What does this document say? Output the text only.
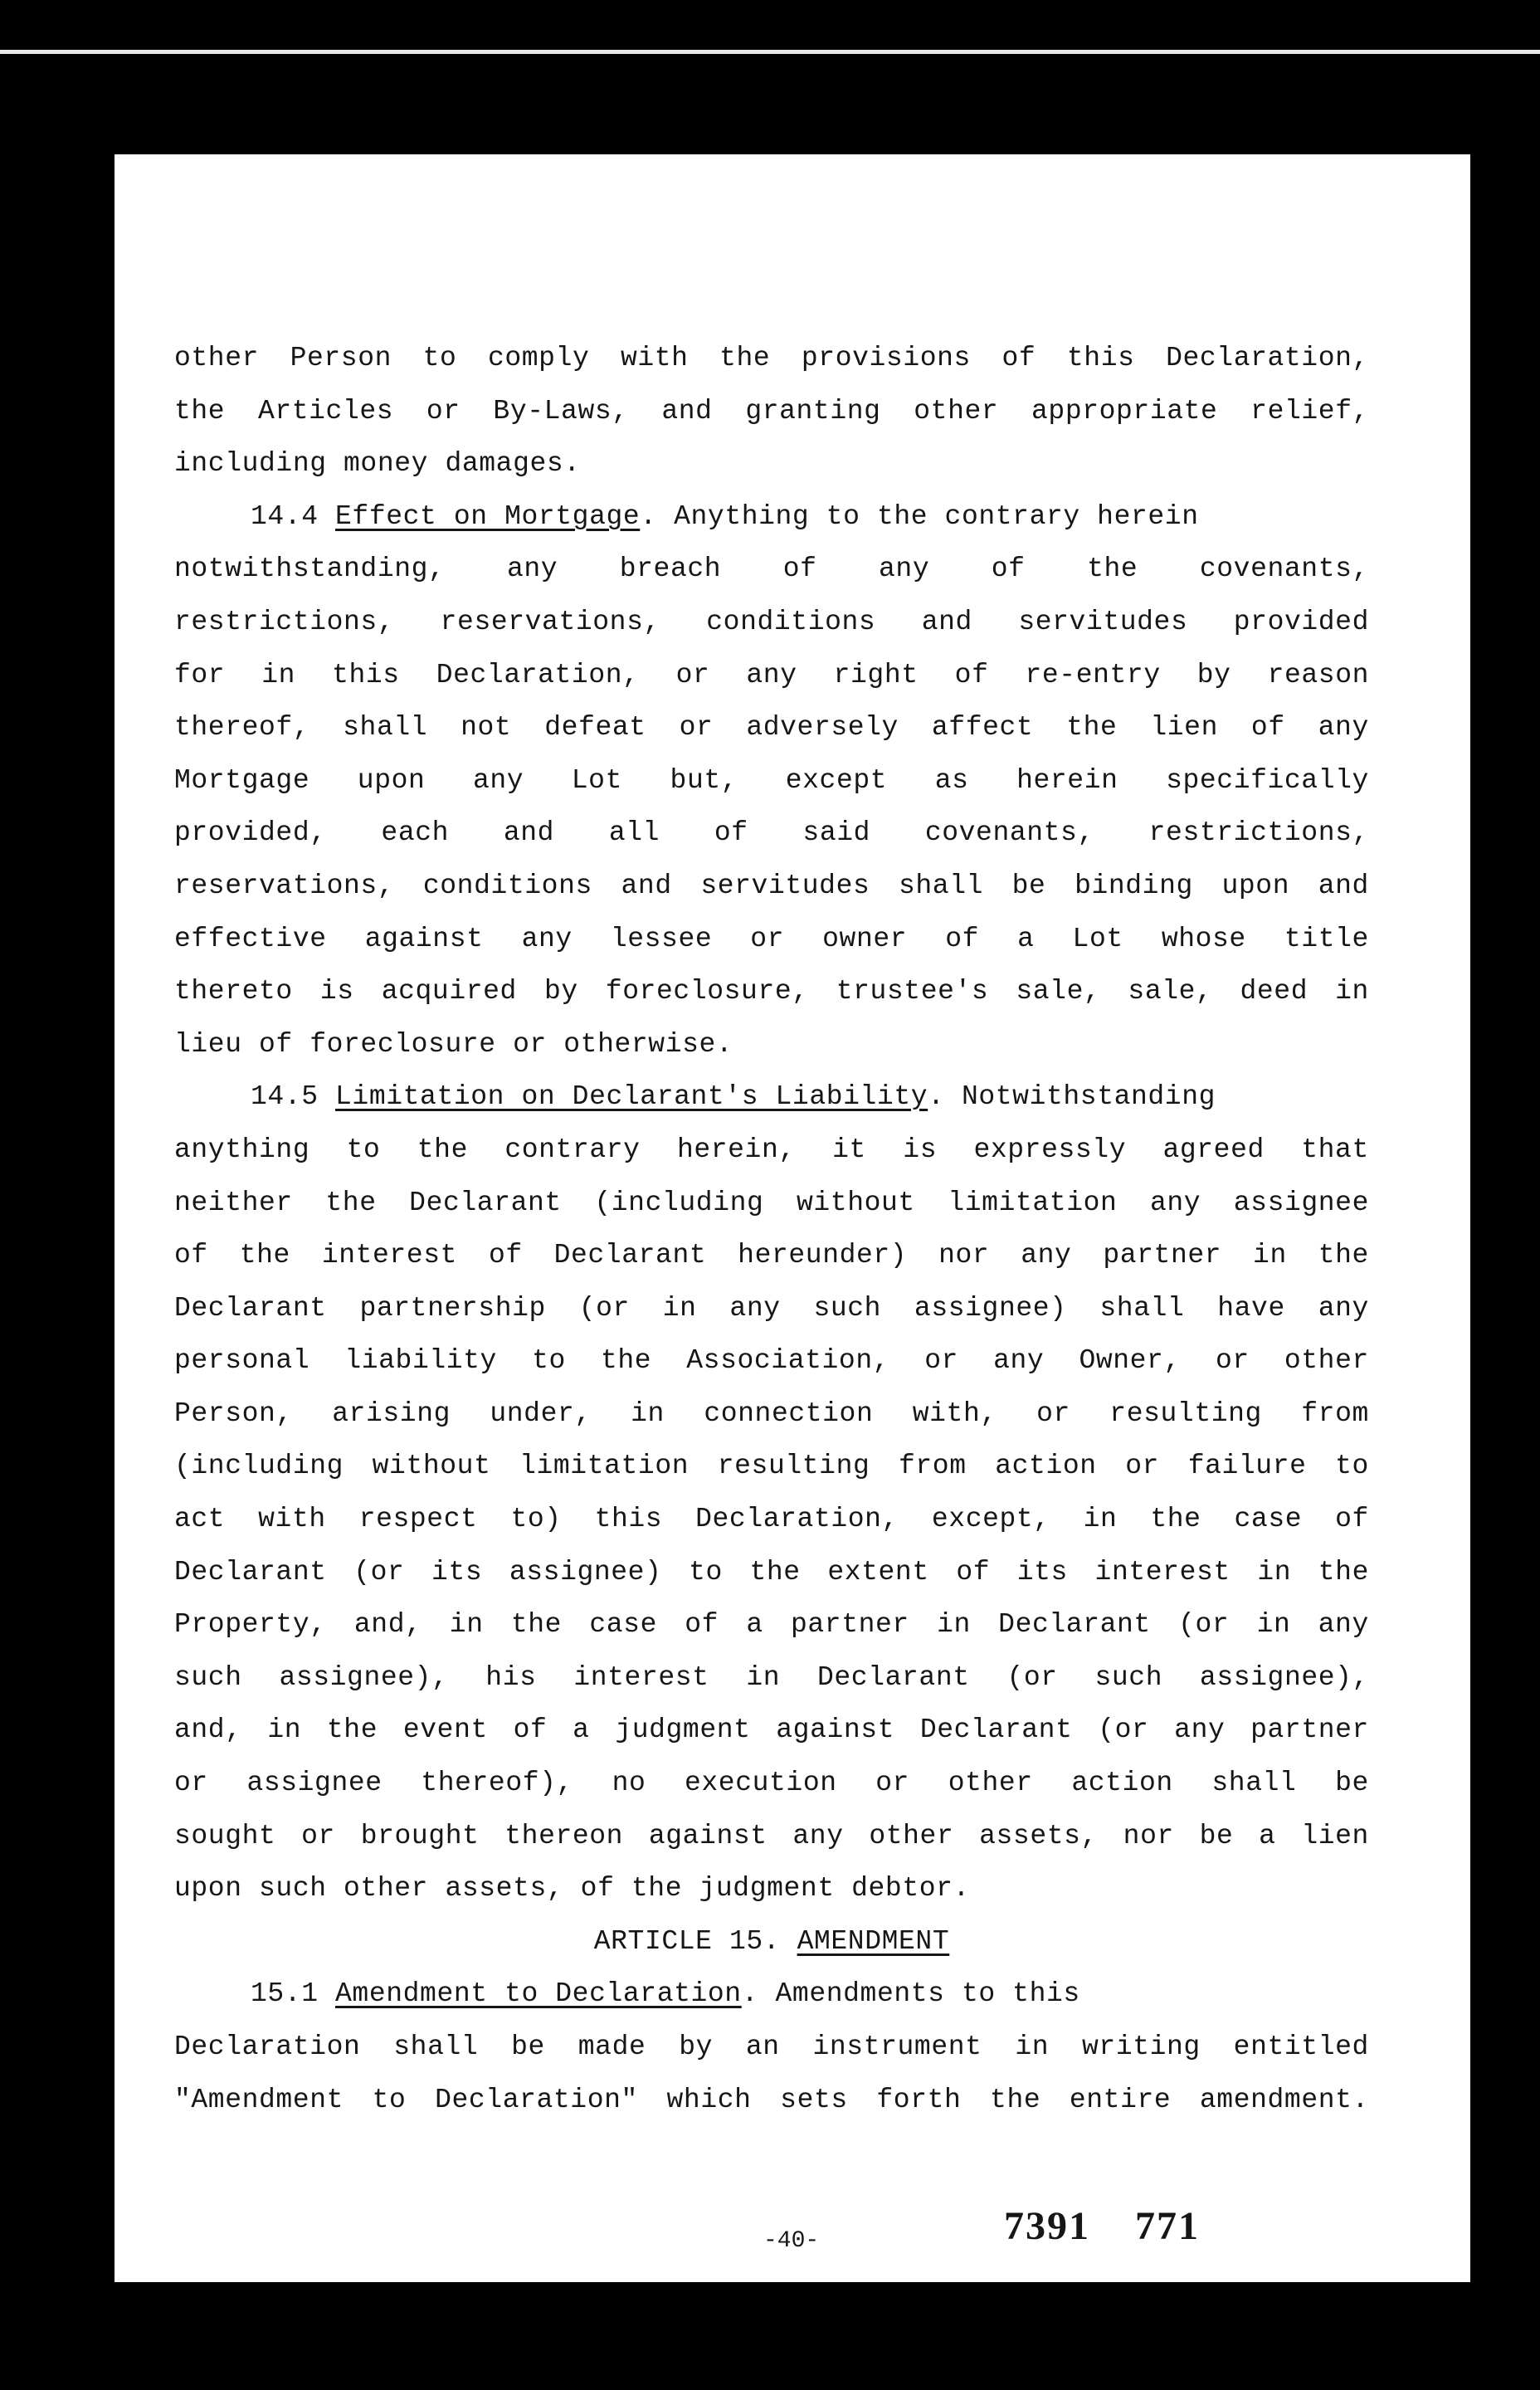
other Person to comply with the provisions of this Declaration,
the Articles or By-Laws, and granting other appropriate relief,
including money damages.
14.4
Effect on Mortgage . Anything to the contrary herein
notwithstanding, any breach of any of the covenants,
restrictions, reservations, conditions and servitudes provided
for in this Declaration, or any right of re-entry by reason
thereof, shall not defeat or adversely affect the lien of any
Mortgage upon any Lot but, except as herein specifically
provided, each and all of said covenants, restrictions,
reservations, conditions and servitudes shall be binding upon and
effective against any lessee or owner of a Lot whose title
thereto is acquired by foreclosure, trustee's sale, sale, deed in
lieu of foreclosure or otherwise.
14.5
Limitation on Declarant's Liability . Notwithstanding
anything to the contrary herein, it is expressly agreed that
neither the Declarant (including without limitation any assignee
of the interest of Declarant hereunder) nor any partner in the
Declarant partnership (or in any such assignee) shall have any
personal liability to the Association, or any Owner, or other
Person, arising under, in connection with, or resulting from
(including without limitation resulting from action or failure to
act with respect to) this Declaration, except, in the case of
Declarant (or its assignee) to the extent of its interest in the
Property, and, in the case of a partner in Declarant (or in any
such assignee), his interest in Declarant (or such assignee),
and, in the event of a judgment against Declarant (or any partner
or assignee thereof), no execution or other action shall be
sought or brought thereon against any other assets, nor be a lien
upon such other assets, of the judgment debtor.
ARTICLE 15.
AMENDMENT
15.1
Amendment to Declaration . Amendments to this
Declaration shall be made by an instrument in writing entitled
"Amendment to Declaration" which sets forth the entire amendment.
-40-	7391 771
